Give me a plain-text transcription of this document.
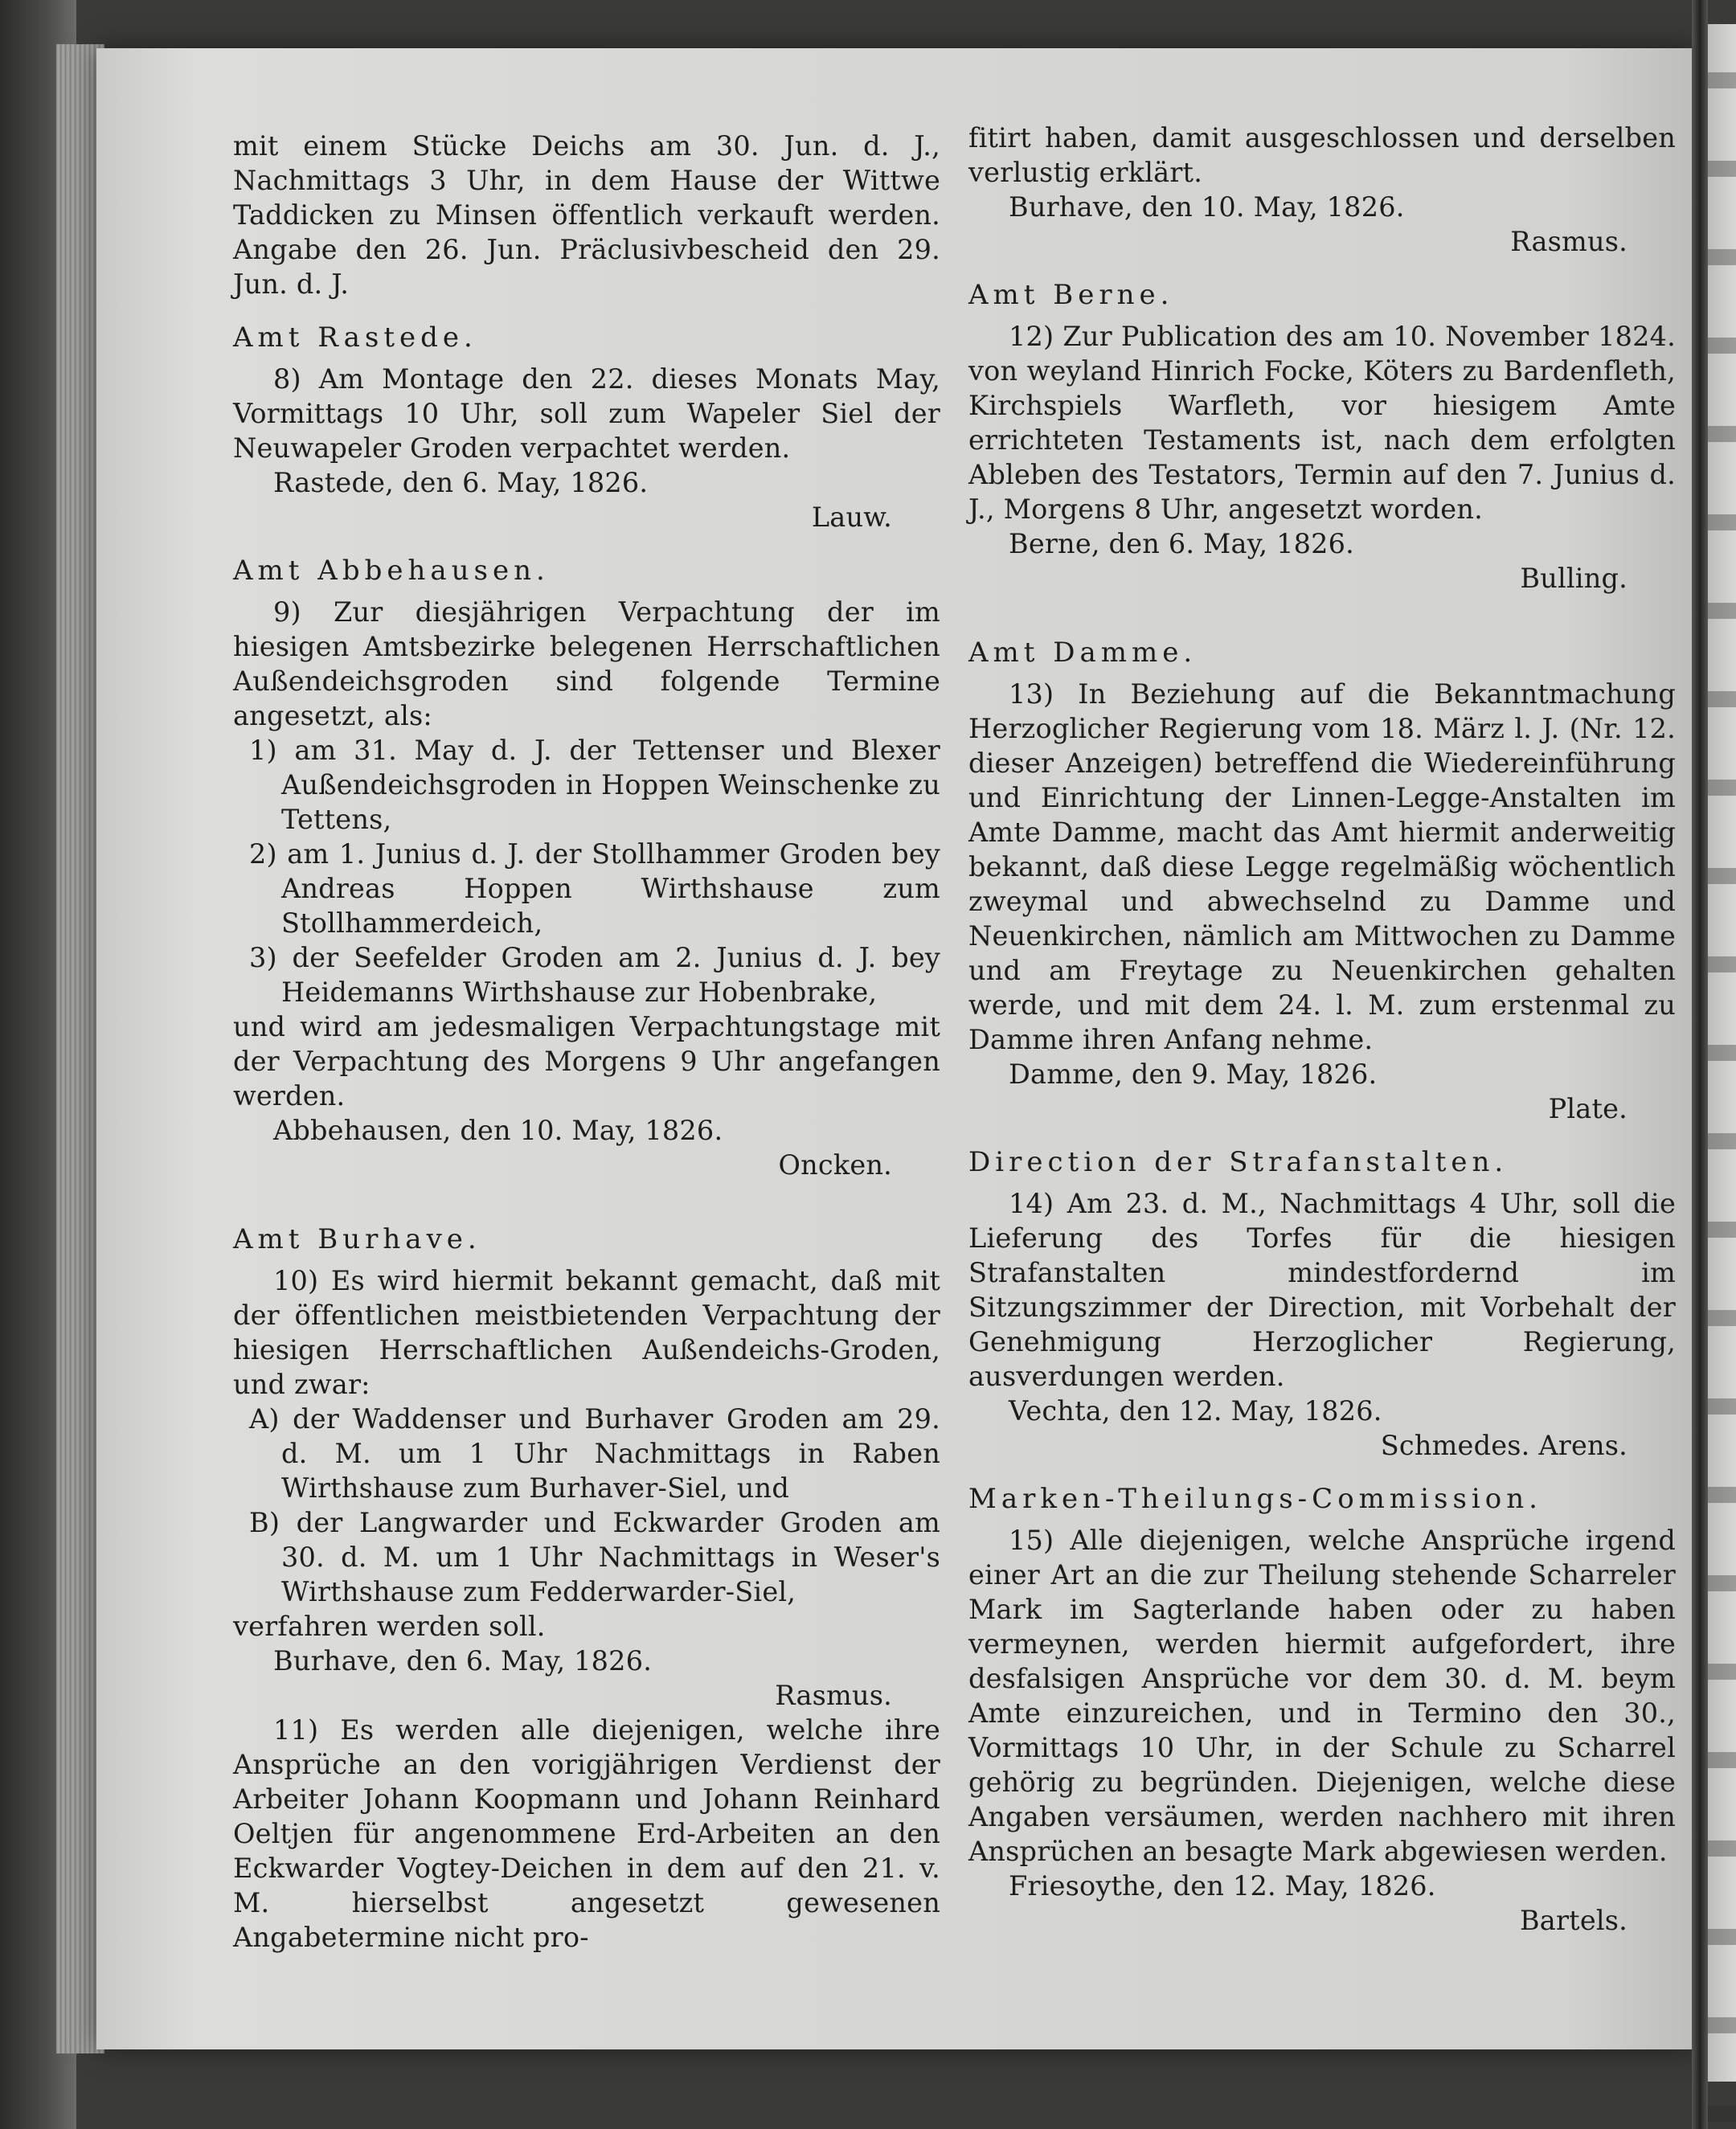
mit einem Stücke Deichs am 30. Jun. d. J., Nachmittags 3 Uhr, in dem Hause der Wittwe Taddicken zu Minsen öffentlich verkauft werden. Angabe den 26. Jun. Präclusivbescheid den 29. Jun. d. J.

Amt Rastede.

8) Am Montage den 22. dieses Monats May, Vormittags 10 Uhr, soll zum Wapeler Siel der Neuwapeler Groden verpachtet werden.

Rastede, den 6. May, 1826.

Lauw.

Amt Abbehausen.

9) Zur diesjährigen Verpachtung der im hiesigen Amtsbezirke belegenen Herrschaftlichen Außendeichsgroden sind folgende Termine angesetzt, als:

1) am 31. May d. J. der Tettenser und Blexer Außendeichsgroden in Hoppen Weinschenke zu Tettens,

2) am 1. Junius d. J. der Stollhammer Groden bey Andreas Hoppen Wirthshause zum Stollhammerdeich,

3) der Seefelder Groden am 2. Junius d. J. bey Heidemanns Wirthshause zur Hobenbrake,

und wird am jedesmaligen Verpachtungstage mit der Verpachtung des Morgens 9 Uhr angefangen werden.

Abbehausen, den 10. May, 1826.

Oncken.

Amt Burhave.

10) Es wird hiermit bekannt gemacht, daß mit der öffentlichen meistbietenden Verpachtung der hiesigen Herrschaftlichen Außendeichs-Groden, und zwar:

A) der Waddenser und Burhaver Groden am 29. d. M. um 1 Uhr Nachmittags in Raben Wirthshause zum Burhaver-Siel, und

B) der Langwarder und Eckwarder Groden am 30. d. M. um 1 Uhr Nachmittags in Weser's Wirthshause zum Fedderwarder-Siel,

verfahren werden soll.

Burhave, den 6. May, 1826.

Rasmus.

11) Es werden alle diejenigen, welche ihre Ansprüche an den vorigjährigen Verdienst der Arbeiter Johann Koopmann und Johann Reinhard Oeltjen für angenommene Erd-Arbeiten an den Eckwarder Vogtey-Deichen in dem auf den 21. v. M. hierselbst angesetzt gewesenen Angabetermine nicht pro-

fitirt haben, damit ausgeschlossen und derselben verlustig erklärt.

Burhave, den 10. May, 1826.

Rasmus.

Amt Berne.

12) Zur Publication des am 10. November 1824. von weyland Hinrich Focke, Köters zu Bardenfleth, Kirchspiels Warfleth, vor hiesigem Amte errichteten Testaments ist, nach dem erfolgten Ableben des Testators, Termin auf den 7. Junius d. J., Morgens 8 Uhr, angesetzt worden.

Berne, den 6. May, 1826.

Bulling.

Amt Damme.

13) In Beziehung auf die Bekanntmachung Herzoglicher Regierung vom 18. März l. J. (Nr. 12. dieser Anzeigen) betreffend die Wiedereinführung und Einrichtung der Linnen-Legge-Anstalten im Amte Damme, macht das Amt hiermit anderweitig bekannt, daß diese Legge regelmäßig wöchentlich zweymal und abwechselnd zu Damme und Neuenkirchen, nämlich am Mittwochen zu Damme und am Freytage zu Neuenkirchen gehalten werde, und mit dem 24. l. M. zum erstenmal zu Damme ihren Anfang nehme.

Damme, den 9. May, 1826.

Plate.

Direction der Strafanstalten.

14) Am 23. d. M., Nachmittags 4 Uhr, soll die Lieferung des Torfes für die hiesigen Strafanstalten mindestfordernd im Sitzungszimmer der Direction, mit Vorbehalt der Genehmigung Herzoglicher Regierung, ausverdungen werden.

Vechta, den 12. May, 1826.

Schmedes. Arens.

Marken-Theilungs-Commission.

15) Alle diejenigen, welche Ansprüche irgend einer Art an die zur Theilung stehende Scharreler Mark im Sagterlande haben oder zu haben vermeynen, werden hiermit aufgefordert, ihre desfalsigen Ansprüche vor dem 30. d. M. beym Amte einzureichen, und in Termino den 30., Vormittags 10 Uhr, in der Schule zu Scharrel gehörig zu begründen. Diejenigen, welche diese Angaben versäumen, werden nachhero mit ihren Ansprüchen an besagte Mark abgewiesen werden.

Friesoythe, den 12. May, 1826.

Bartels.
